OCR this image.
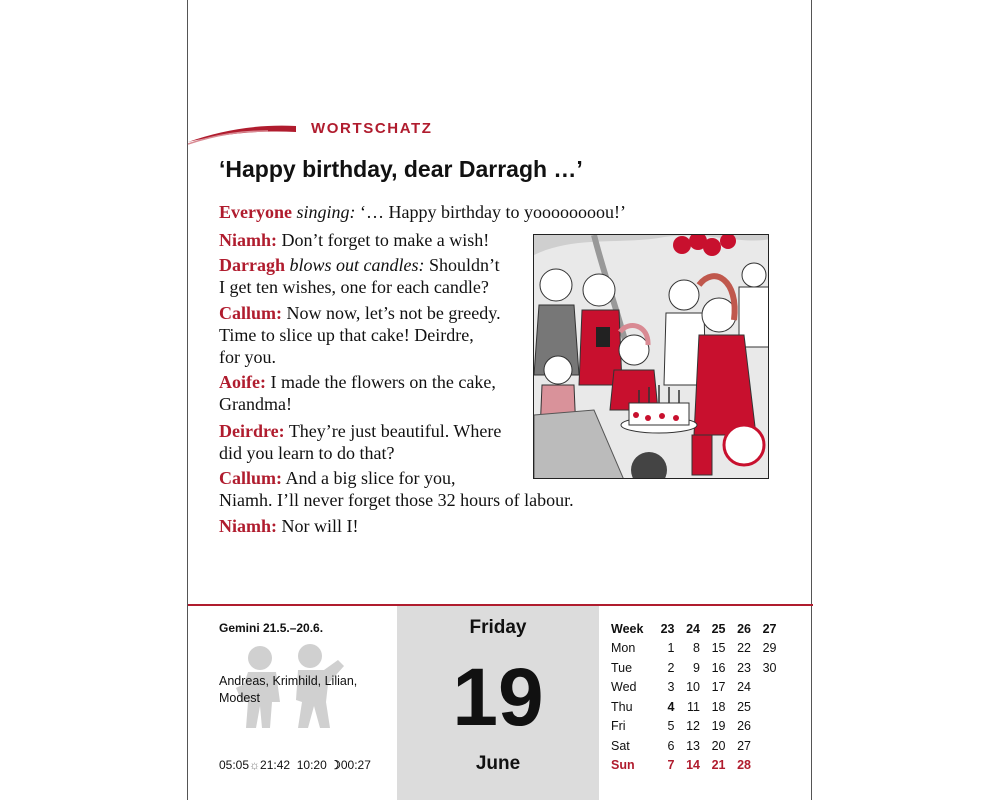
WORTSCHATZ
‘Happy birthday, dear Darragh …’
Everyone singing: ‘… Happy birthday to yoooooooou!’
Niamh: Don’t forget to make a wish!
Darragh blows out candles: Shouldn’t
I get ten wishes, one for each candle?
Callum: Now now, let’s not be greedy.
Time to slice up that cake! Deirdre,
for you.
Aoife: I made the flowers on the cake,
Grandma!
Deirdre: They’re just beautiful. Where
did you learn to do that?
Callum: And a big slice for you,
Niamh. I’ll never forget those 32 hours of labour.
Niamh: Nor will I!
Gemini 21.5.–20.6.
Andreas, Krimhild, Lilian, Modest
05:05☼21:42 10:20 ☽00:27
Friday
19
June
Week	23	24	25	26	27
Mon	1	8	15	22	29
Tue	2	9	16	23	30
Wed	3	10	17	24	
Thu	4	11	18	25	
Fri	5	12	19	26	
Sat	6	13	20	27	
Sun	7	14	21	28	
